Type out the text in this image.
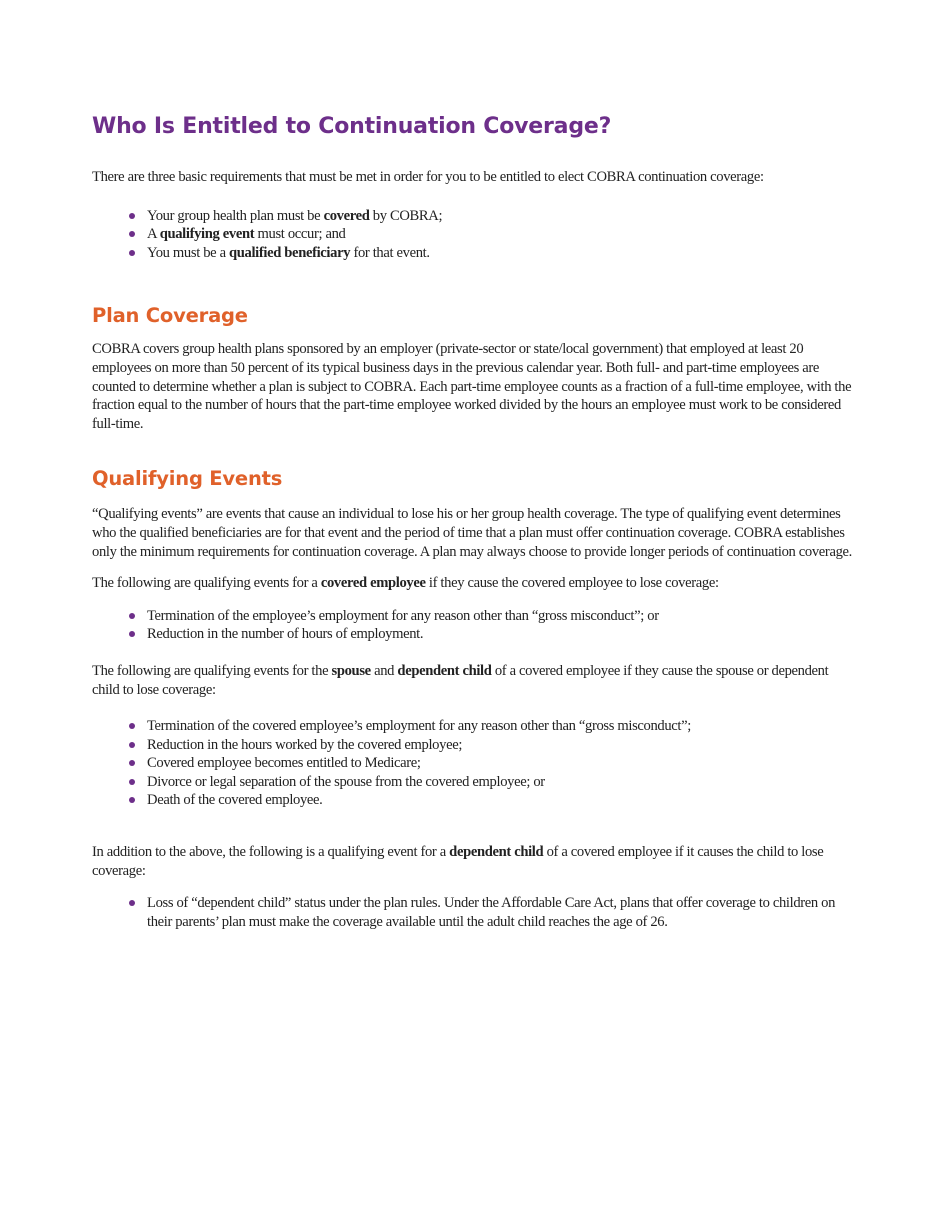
Who Is Entitled to Continuation Coverage?

There are three basic requirements that must be met in order for you to be entitled to elect COBRA continuation coverage:

Your group health plan must be covered by COBRA;
A qualifying event must occur; and
You must be a qualified beneficiary for that event.
Plan Coverage

COBRA covers group health plans sponsored by an employer (private-sector or state/local government) that employed at least 20 employees on more than 50 percent of its typical business days in the previous calendar year. Both full- and part-time employees are counted to determine whether a plan is subject to COBRA. Each part-time employee counts as a fraction of a full-time employee, with the fraction equal to the number of hours that the part-time employee worked divided by the hours an employee must work to be considered full-time.

Qualifying Events

“Qualifying events” are events that cause an individual to lose his or her group health coverage. The type of qualifying event determines who the qualified beneficiaries are for that event and the period of time that a plan must offer continuation coverage. COBRA establishes only the minimum requirements for continuation coverage. A plan may always choose to provide longer periods of continuation coverage.

The following are qualifying events for a covered employee if they cause the covered employee to lose coverage:

Termination of the employee’s employment for any reason other than “gross misconduct”; or
Reduction in the number of hours of employment.

The following are qualifying events for the spouse and dependent child of a covered employee if they cause the spouse or dependent child to lose coverage:

Termination of the covered employee’s employment for any reason other than “gross misconduct”;
Reduction in the hours worked by the covered employee;
Covered employee becomes entitled to Medicare;
Divorce or legal separation of the spouse from the covered employee; or
Death of the covered employee.

In addition to the above, the following is a qualifying event for a dependent child of a covered employee if it causes the child to lose coverage:

Loss of “dependent child” status under the plan rules. Under the Affordable Care Act, plans that offer coverage to children on their parents’ plan must make the coverage available until the adult child reaches the age of 26.
